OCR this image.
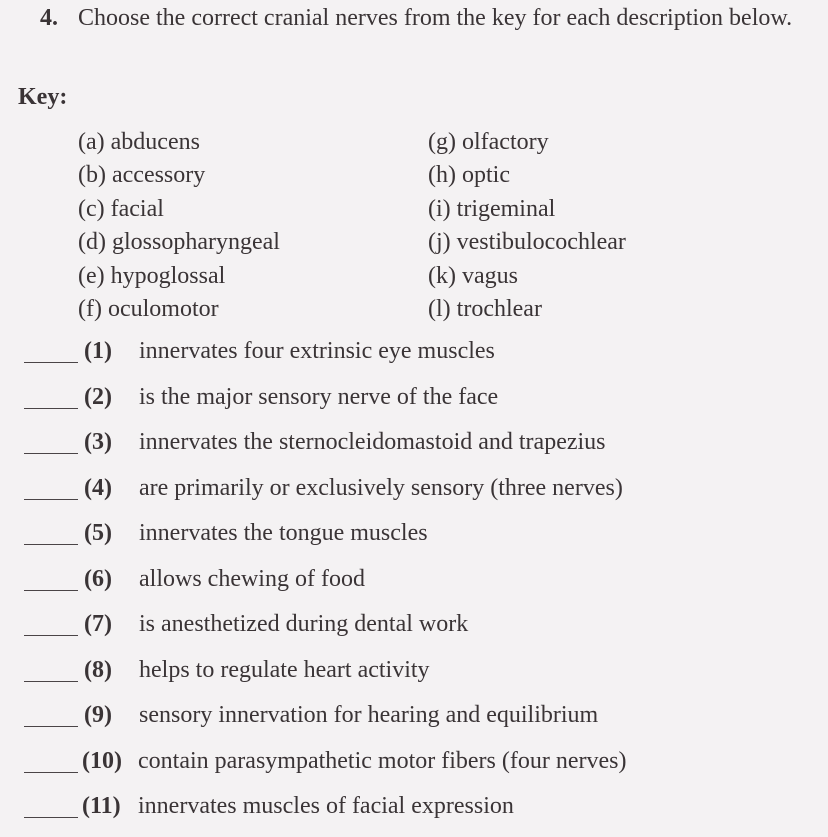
4. Choose the correct cranial nerves from the key for each description below.
Key:
(a) abducens
(b) accessory
(c) facial
(d) glossopharyngeal
(e) hypoglossal
(f) oculomotor
(g) olfactory
(h) optic
(i) trigeminal
(j) vestibulocochlear
(k) vagus
(l) trochlear
(1) innervates four extrinsic eye muscles
(2) is the major sensory nerve of the face
(3) innervates the sternocleidomastoid and trapezius
(4) are primarily or exclusively sensory (three nerves)
(5) innervates the tongue muscles
(6) allows chewing of food
(7) is anesthetized during dental work
(8) helps to regulate heart activity
(9) sensory innervation for hearing and equilibrium
(10) contain parasympathetic motor fibers (four nerves)
(11) innervates muscles of facial expression
